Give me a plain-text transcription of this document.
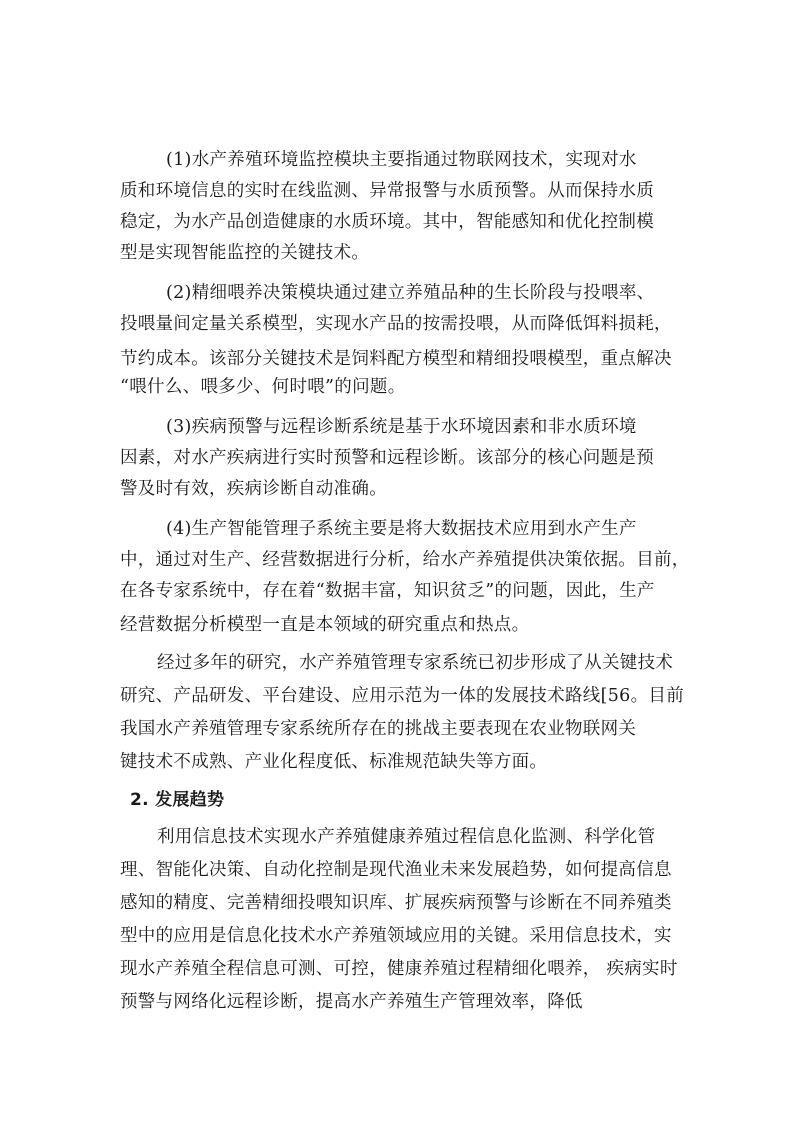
(1)水产养殖环境监控模块主要指通过物联网技术，实现对水
质和环境信息的实时在线监测、异常报警与水质预警。从而保持水质
稳定，为水产品创造健康的水质环境。其中，智能感知和优化控制模
型是实现智能监控的关键技术。
(2)精细喂养决策模块通过建立养殖品种的生长阶段与投喂率、
投喂量间定量关系模型，实现水产品的按需投喂，从而降低饵料损耗，
节约成本。该部分关键技术是饲料配方模型和精细投喂模型，重点解决
“喂什么、喂多少、何时喂”的问题。
(3)疾病预警与远程诊断系统是基于水环境因素和非水质环境
因素，对水产疾病进行实时预警和远程诊断。该部分的核心问题是预
警及时有效，疾病诊断自动准确。
(4)生产智能管理子系统主要是将大数据技术应用到水产生产
中，通过对生产、经营数据进行分析，给水产养殖提供决策依据。目前，
在各专家系统中，存在着“数据丰富，知识贫乏”的问题，因此，生产
经营数据分析模型一直是本领域的研究重点和热点。
经过多年的研究，水产养殖管理专家系统已初步形成了从关键技术
研究、产品研发、平台建设、应用示范为一体的发展技术路线[56。目前
我国水产养殖管理专家系统所存在的挑战主要表现在农业物联网关
键技术不成熟、产业化程度低、标准规范缺失等方面。
2. 发展趋势
利用信息技术实现水产养殖健康养殖过程信息化监测、科学化管
理、智能化决策、自动化控制是现代渔业未来发展趋势，如何提高信息
感知的精度、完善精细投喂知识库、扩展疾病预警与诊断在不同养殖类
型中的应用是信息化技术水产养殖领域应用的关键。采用信息技术，实
现水产养殖全程信息可测、可控，健康养殖过程精细化喂养， 疾病实时
预警与网络化远程诊断，提高水产养殖生产管理效率，降低
